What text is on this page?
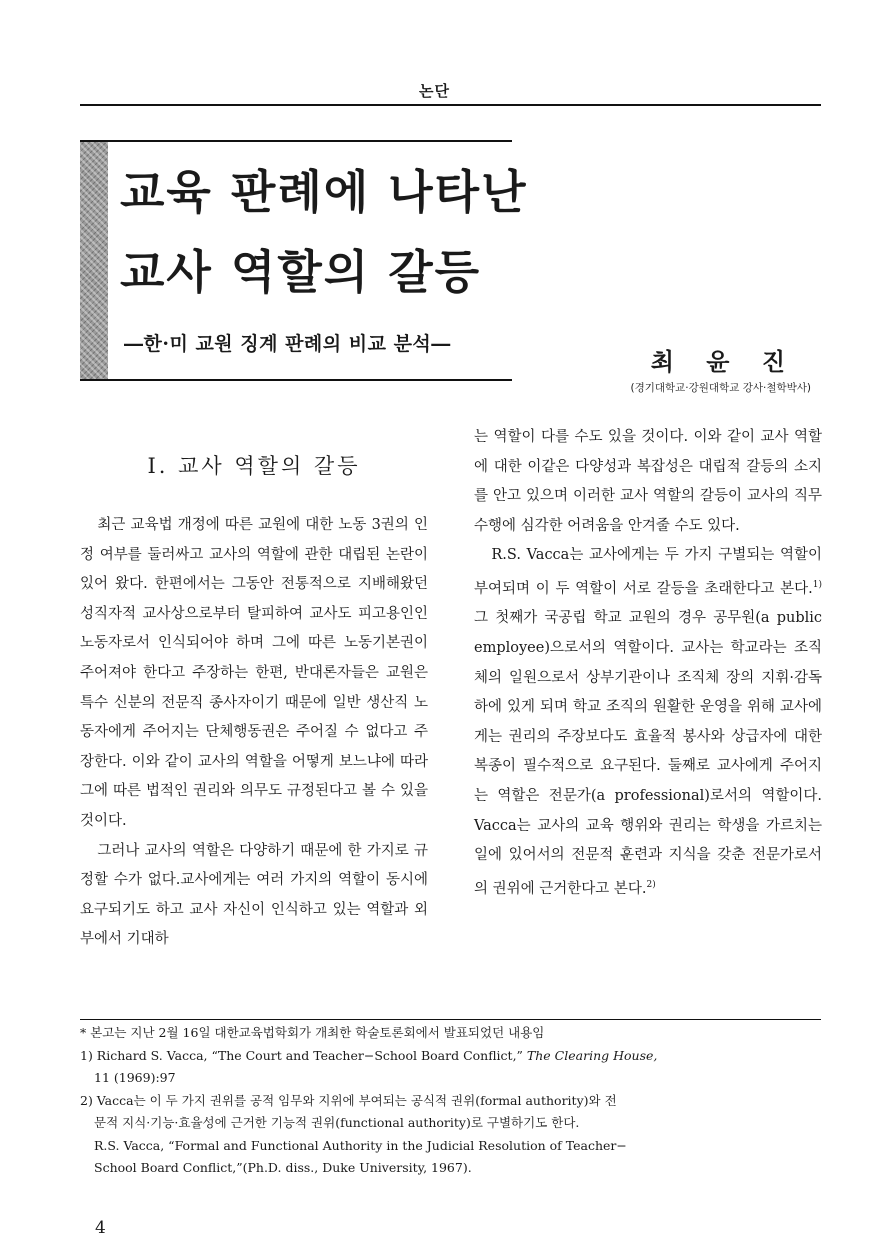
논단
교육 판례에 나타난
교사 역할의 갈등
―한·미 교원 징계 판례의 비교 분석―
최 윤 진
(경기대학교·강원대학교 강사·철학박사)
Ⅰ. 교사 역할의 갈등

최근 교육법 개정에 따른 교원에 대한 노동 3권의 인정 여부를 둘러싸고 교사의 역할에 관한 대립된 논란이 있어 왔다. 한편에서는 그동안 전통적으로 지배해왔던 성직자적 교사상으로부터 탈피하여 교사도 피고용인인 노동자로서 인식되어야 하며 그에 따른 노동기본권이 주어져야 한다고 주장하는 한편, 반대론자들은 교원은 특수 신분의 전문직 종사자이기 때문에 일반 생산직 노동자에게 주어지는 단체행동권은 주어질 수 없다고 주장한다. 이와 같이 교사의 역할을 어떻게 보느냐에 따라 그에 따른 법적인 권리와 의무도 규정된다고 볼 수 있을 것이다.

그러나 교사의 역할은 다양하기 때문에 한 가지로 규정할 수가 없다.교사에게는 여러 가지의 역할이 동시에 요구되기도 하고 교사 자신이 인식하고 있는 역할과 외부에서 기대하

는 역할이 다를 수도 있을 것이다. 이와 같이 교사 역할에 대한 이같은 다양성과 복잡성은 대립적 갈등의 소지를 안고 있으며 이러한 교사 역할의 갈등이 교사의 직무 수행에 심각한 어려움을 안겨줄 수도 있다.

R.S. Vacca는 교사에게는 두 가지 구별되는 역할이 부여되며 이 두 역할이 서로 갈등을 초래한다고 본다.$^{1)}$ 그 첫째가 국공립 학교 교원의 경우 공무원(a public employee)으로서의 역할이다. 교사는 학교라는 조직체의 일원으로서 상부기관이나 조직체 장의 지휘·감독하에 있게 되며 학교 조직의 원활한 운영을 위해 교사에게는 권리의 주장보다도 효율적 봉사와 상급자에 대한 복종이 필수적으로 요구된다. 둘째로 교사에게 주어지는 역할은 전문가(a professional)로서의 역할이다. Vacca는 교사의 교육 행위와 권리는 학생을 가르치는 일에 있어서의 전문적 훈련과 지식을 갖춘 전문가로서의 권위에 근거한다고 본다.$^{2)}$

* 본고는 지난 2월 16일 대한교육법학회가 개최한 학술토론회에서 발표되었던 내용임

1) Richard S. Vacca, “The Court and Teacher−School Board Conflict,” The Clearing House,
11 (1969):97

2) Vacca는 이 두 가지 권위를 공적 임무와 지위에 부여되는 공식적 권위(formal authority)와 전
문적 지식·기능·효율성에 근거한 기능적 권위(functional authority)로 구별하기도 한다.
R.S. Vacca, “Formal and Functional Authority in the Judicial Resolution of Teacher−
School Board Conflict,”(Ph.D. diss., Duke University, 1967).

4
